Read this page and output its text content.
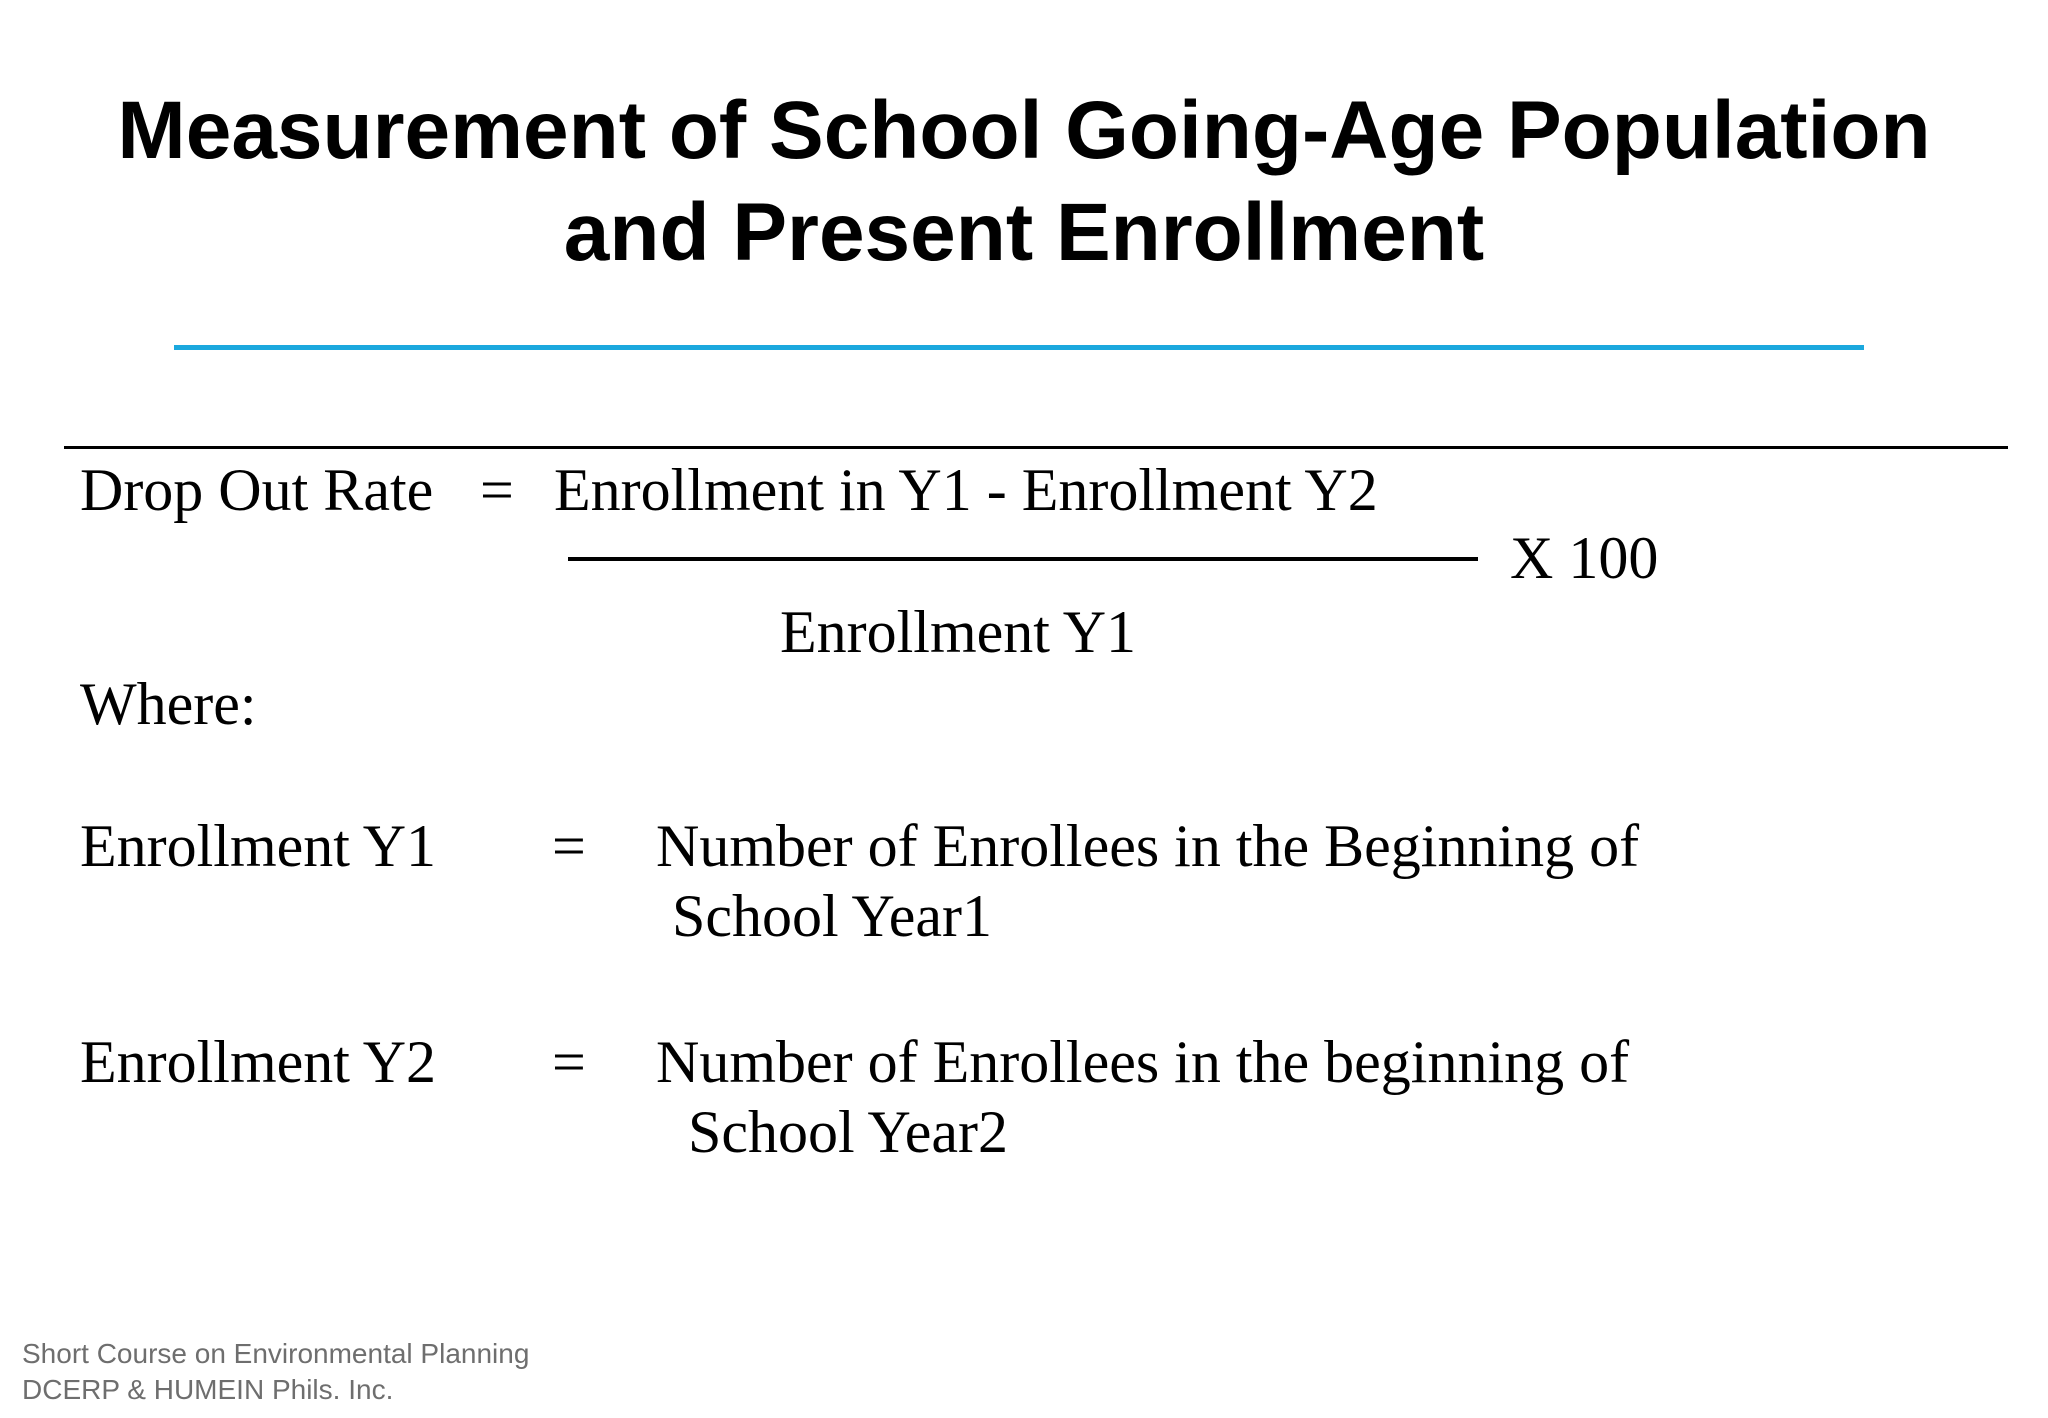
Measurement of School Going-Age Population
and Present Enrollment
Drop Out Rate = Enrollment in Y1 - Enrollment Y2
X 100
Enrollment Y1
Where:
Enrollment Y1 = Number of Enrollees in the Beginning of
School Year1
Enrollment Y2 = Number of Enrollees in the beginning of
School Year2
Short Course on Environmental Planning
DCERP & HUMEIN Phils. Inc.
